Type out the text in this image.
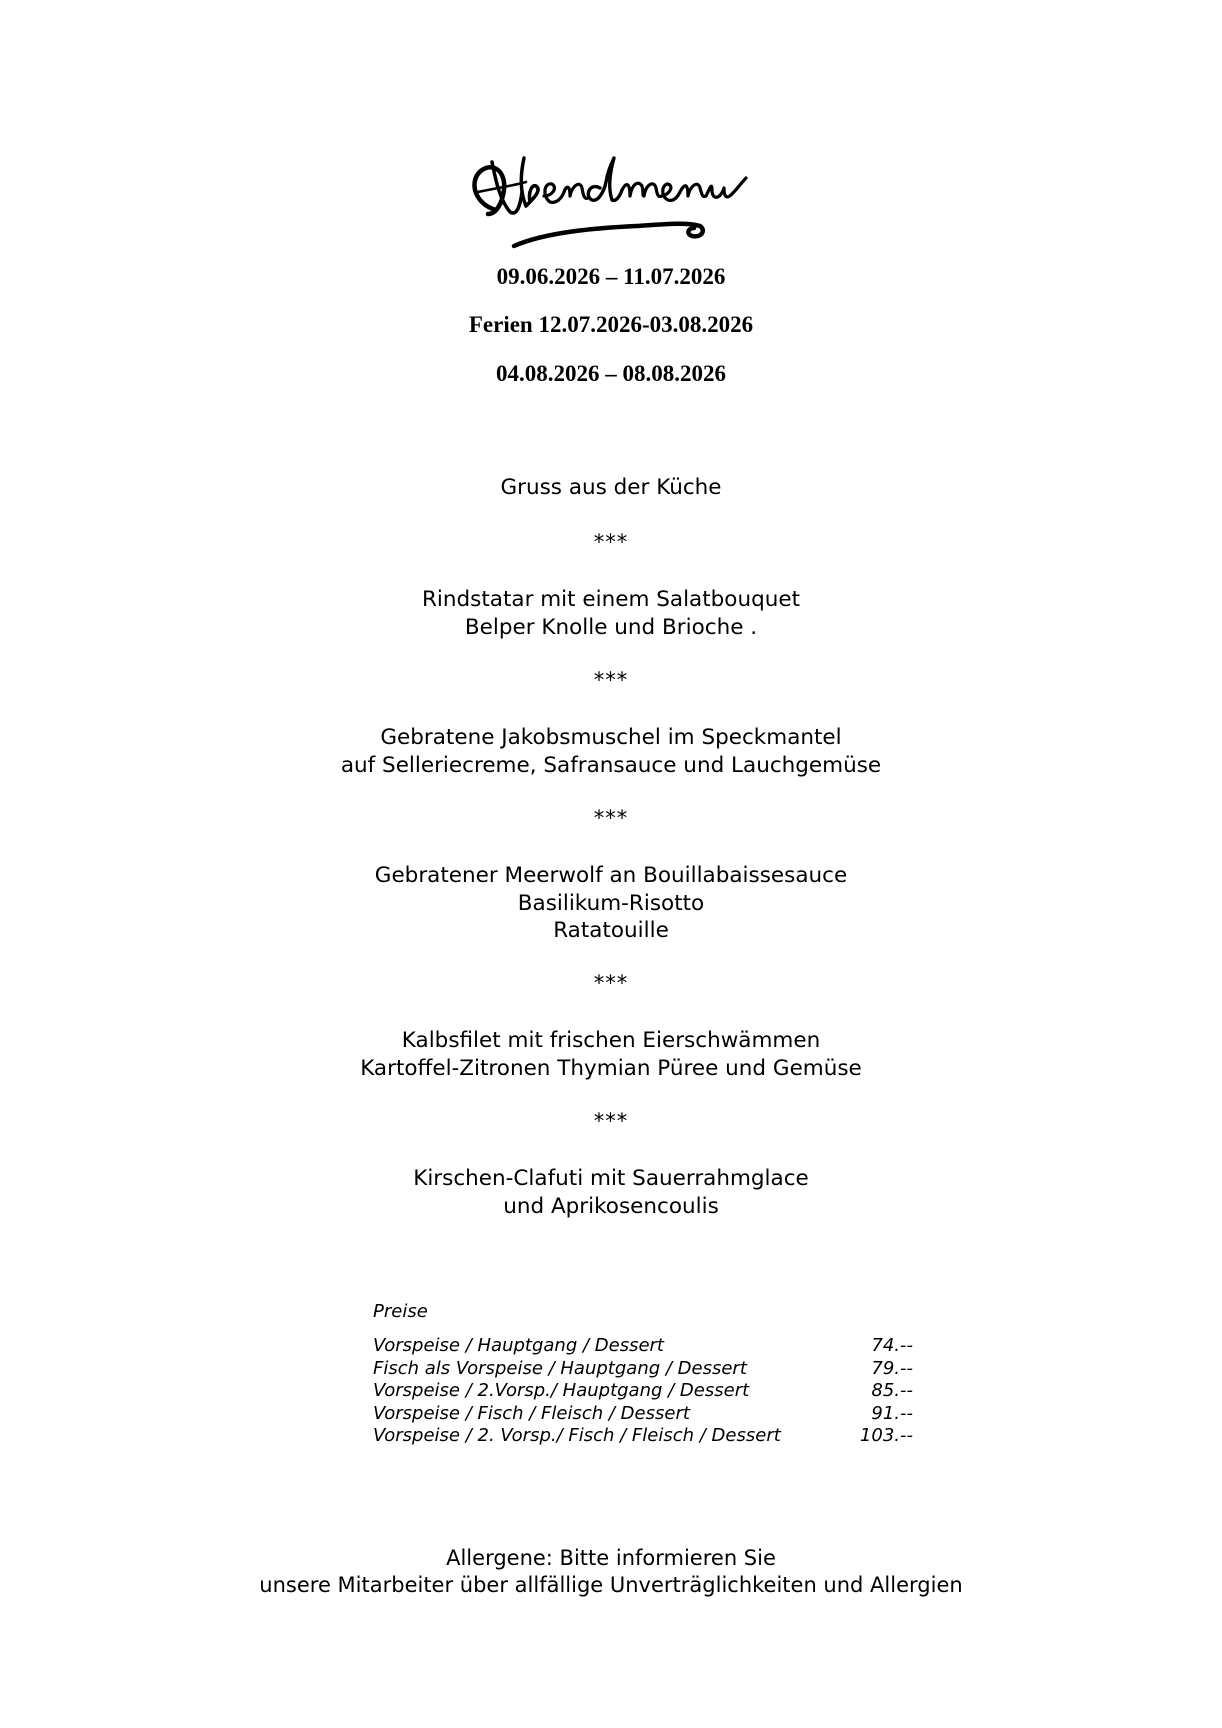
09.06.2026 – 11.07.2026
Ferien 12.07.2026-03.08.2026
04.08.2026 – 08.08.2026
Gruss aus der Küche
***
Rindstatar mit einem Salatbouquet
Belper Knolle und Brioche .
***
Gebratene Jakobsmuschel im Speckmantel
auf Selleriecreme, Safransauce und Lauchgemüse
***
Gebratener Meerwolf an Bouillabaissesauce
Basilikum-Risotto
Ratatouille
***
Kalbsfilet mit frischen Eierschwämmen
Kartoffel-Zitronen Thymian Püree und Gemüse
***
Kirschen-Clafuti mit Sauerrahmglace
und Aprikosencoulis
Preise
Vorspeise / Hauptgang / Dessert	74.--
Fisch als Vorspeise / Hauptgang / Dessert	79.--
Vorspeise / 2.Vorsp./ Hauptgang / Dessert	85.--
Vorspeise / Fisch / Fleisch / Dessert	91.--
Vorspeise / 2. Vorsp./ Fisch / Fleisch / Dessert	103.--
Allergene: Bitte informieren Sie
unsere Mitarbeiter über allfällige Unverträglichkeiten und Allergien
